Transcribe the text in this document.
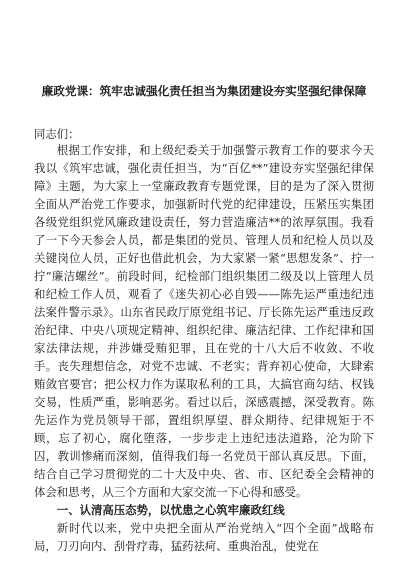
廉政党课：筑牢忠诚强化责任担当为集团建设夯实坚强纪律保障

同志们：

根据工作安排，和上级纪委关于加强警示教育工作的要求今天我以《筑牢忠诚，强化责任担当，为“百亿**”建设夯实坚强纪律保障》主题，为大家上一堂廉政教育专题党课，目的是为了深入贯彻全面从严治党工作要求，加强新时代党的纪律建设，压紧压实集团各级党组织党风廉政建设责任，努力营造廉洁**的浓厚氛围。我看了一下今天参会人员，都是集团的党员、管理人员和纪检人员以及关键岗位人员，正好也借此机会，为大家紧一紧“思想发条”、拧一拧“廉洁螺丝”。前段时间，纪检部门组织集团二级及以上管理人员和纪检工作人员，观看了《迷失初心必自毁——陈先运严重违纪违法案件警示录》。山东省民政厅原党组书记、厅长陈先运严重违反政治纪律、中央八项规定精神、组织纪律、廉洁纪律、工作纪律和国家法律法规，并涉嫌受贿犯罪，且在党的十八大后不收敛、不收手。丧失理想信念，对党不忠诚、不老实；背弃初心使命，大肆索贿敛官要官；把公权力作为谋取私利的工具，大搞官商勾结、权钱交易，性质严重，影响恶劣。看过以后，深感震撼，深受教育。陈先运作为党员领导干部，置组织厚望、群众期待、纪律规矩于不顾，忘了初心，腐化堕落，一步步走上违纪违法道路，沦为阶下囚，教训惨痛而深刻，值得我们每一名党员干部认真反思。下面，结合自己学习贯彻党的二十大及中央、省、市、区纪委全会精神的体会和思考，从三个方面和大家交流一下心得和感受。

一、认清高压态势，以忧患之心筑牢廉政红线

新时代以来，党中央把全面从严治党纳入“四个全面”战略布局，刀刃向内、刮骨疗毒，猛药祛疴、重典治乱，使党在
